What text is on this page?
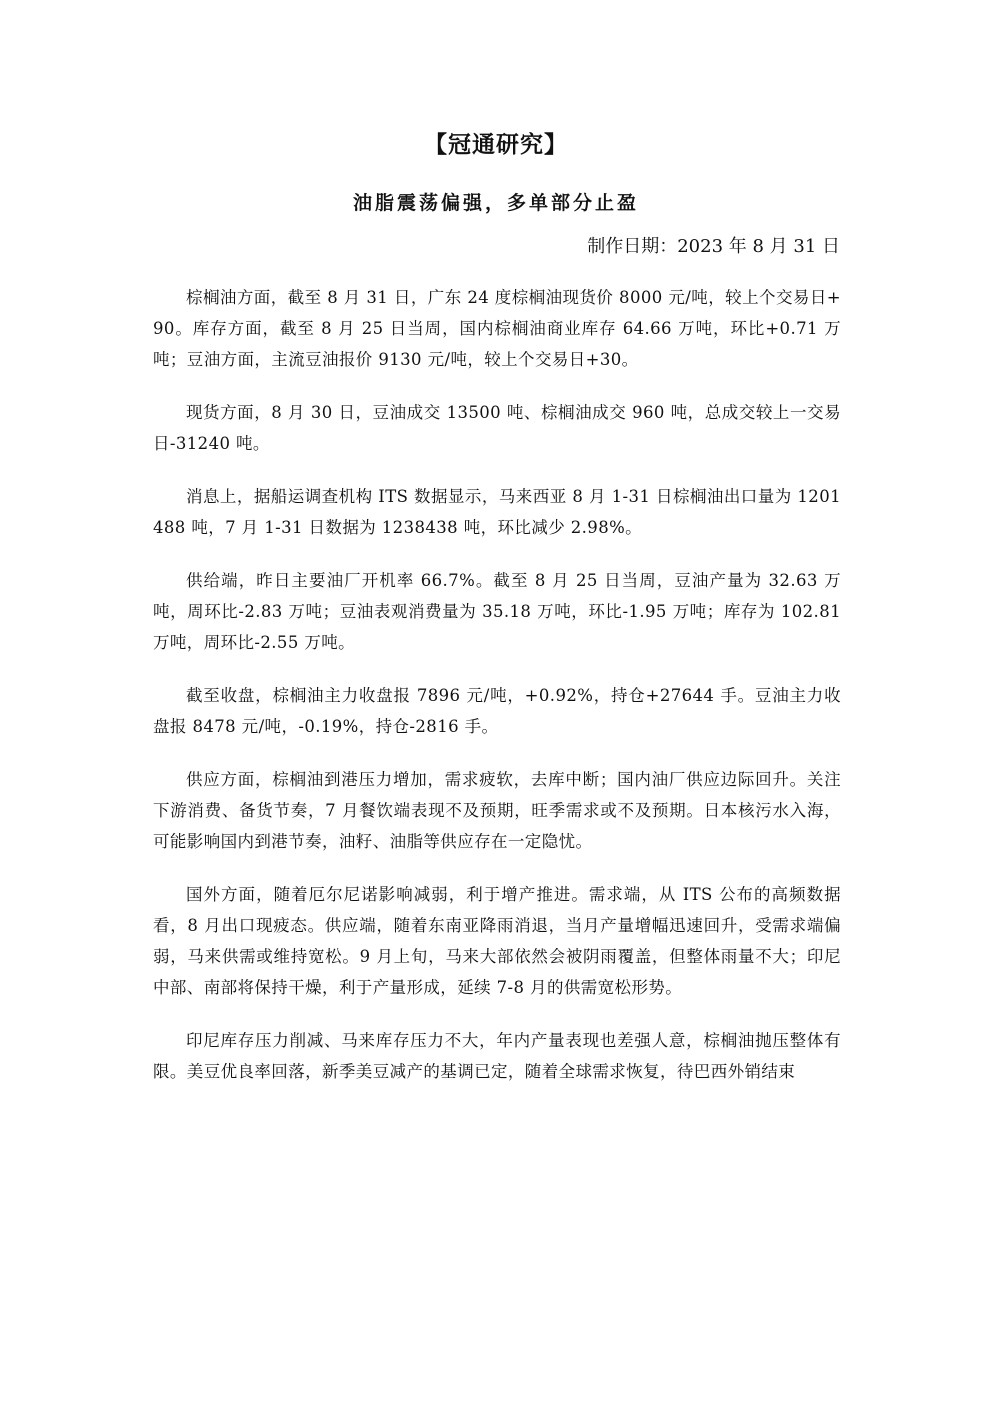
【冠通研究】
油脂震荡偏强，多单部分止盈
制作日期：2023 年 8 月 31 日

棕榈油方面，截至 8 月 31 日，广东 24 度棕榈油现货价 8000 元/吨，较上个交易日+90。库存方面，截至 8 月 25 日当周，国内棕榈油商业库存 64.66 万吨，环比+0.71 万吨；豆油方面，主流豆油报价 9130 元/吨，较上个交易日+30。

现货方面，8 月 30 日，豆油成交 13500 吨、棕榈油成交 960 吨，总成交较上一交易日-31240 吨。

消息上，据船运调查机构 ITS 数据显示，马来西亚 8 月 1-31 日棕榈油出口量为 1201488 吨，7 月 1-31 日数据为 1238438 吨，环比减少 2.98%。

供给端，昨日主要油厂开机率 66.7%。截至 8 月 25 日当周，豆油产量为 32.63 万吨，周环比-2.83 万吨；豆油表观消费量为 35.18 万吨，环比-1.95 万吨；库存为 102.81 万吨，周环比-2.55 万吨。

截至收盘，棕榈油主力收盘报 7896 元/吨，+0.92%，持仓+27644 手。豆油主力收盘报 8478 元/吨，-0.19%，持仓-2816 手。

供应方面，棕榈油到港压力增加，需求疲软，去库中断；国内油厂供应边际回升。关注下游消费、备货节奏，7 月餐饮端表现不及预期，旺季需求或不及预期。日本核污水入海，可能影响国内到港节奏，油籽、油脂等供应存在一定隐忧。

国外方面，随着厄尔尼诺影响减弱，利于增产推进。需求端，从 ITS 公布的高频数据看，8 月出口现疲态。供应端，随着东南亚降雨消退，当月产量增幅迅速回升，受需求端偏弱，马来供需或维持宽松。9 月上旬，马来大部依然会被阴雨覆盖，但整体雨量不大；印尼中部、南部将保持干燥，利于产量形成，延续 7-8 月的供需宽松形势。

印尼库存压力削减、马来库存压力不大，年内产量表现也差强人意，棕榈油抛压整体有限。美豆优良率回落，新季美豆减产的基调已定，随着全球需求恢复，待巴西外销结束
